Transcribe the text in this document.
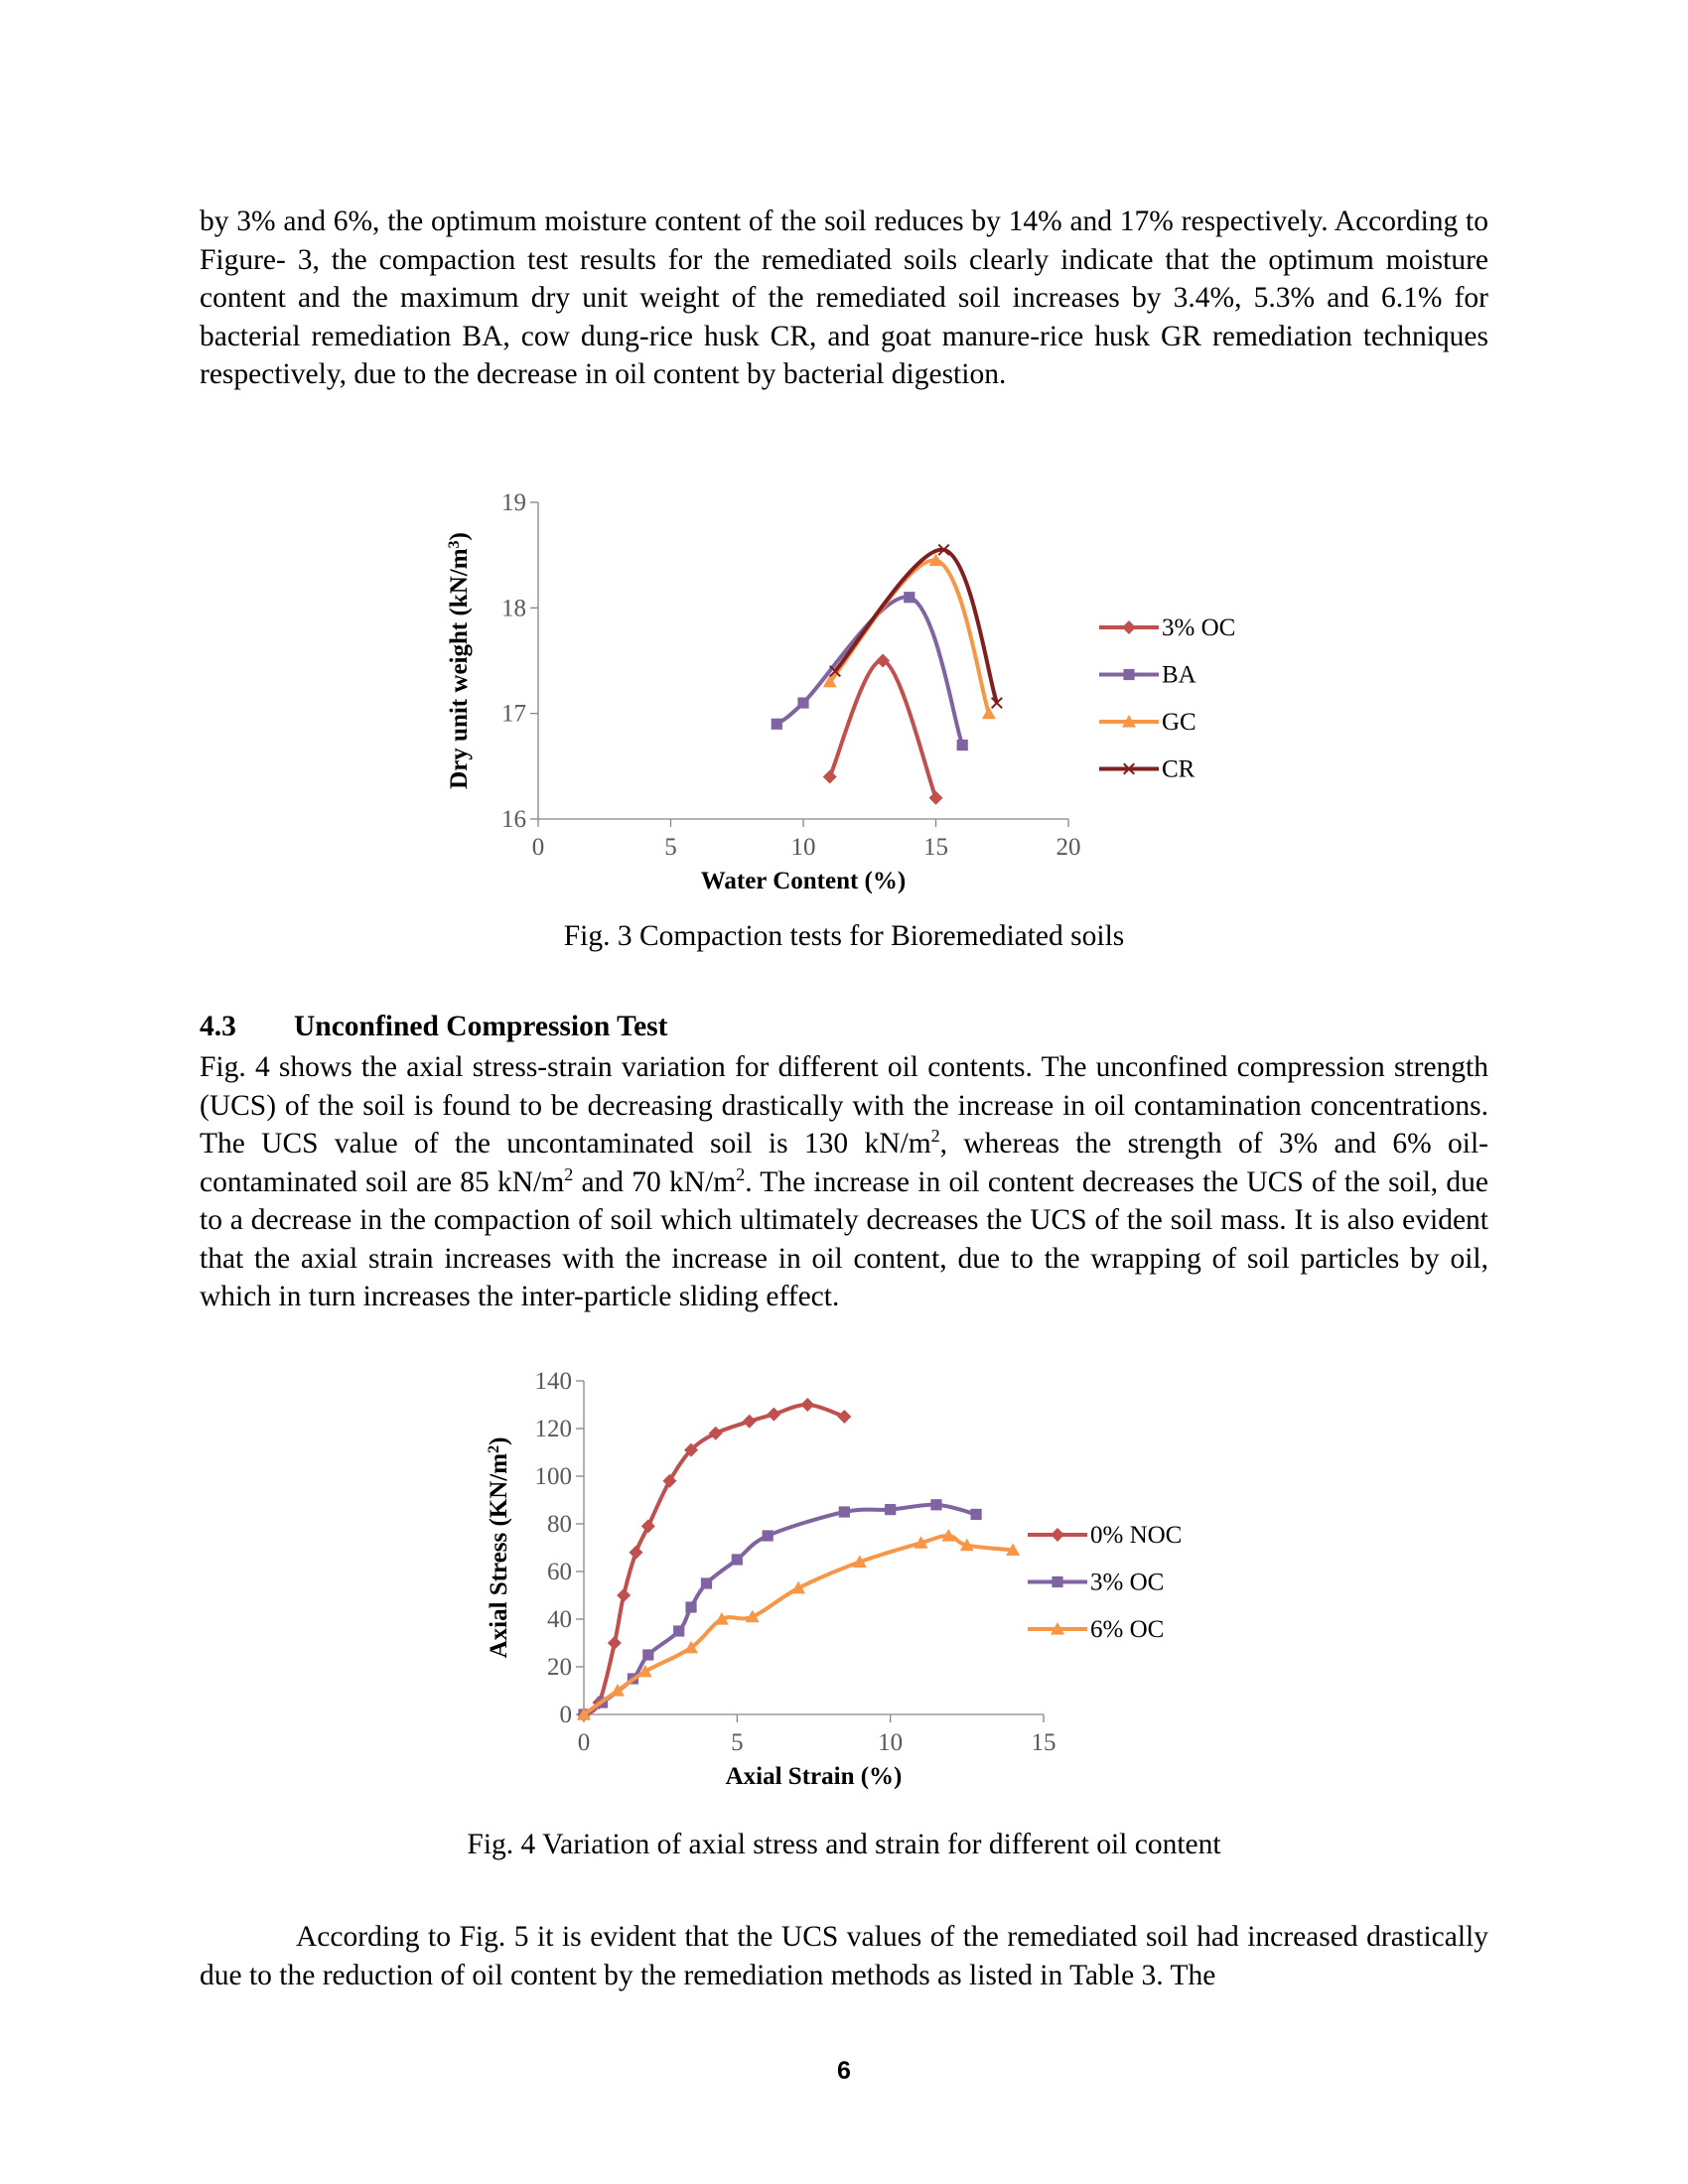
by 3% and 6%, the optimum moisture content of the soil reduces by 14% and 17% respectively. According to Figure- 3, the compaction test results for the remediated soils clearly indicate that the optimum moisture content and the maximum dry unit weight of the remediated soil increases by 3.4%, 5.3% and 6.1% for bacterial remediation BA, cow dung-rice husk CR, and goat manure-rice husk GR remediation techniques respectively, due to the decrease in oil content by bacterial digestion.

16
17
18
19
0	5	10	15	20
Water Content (%)
Dry unit weight $(kN/m^3)$
3% OC
BA
GC
CR

Fig. 3 Compaction tests for Bioremediated soils

4.3 Unconfined Compression Test

Fig. 4 shows the axial stress-strain variation for different oil contents. The unconfined compression strength (UCS) of the soil is found to be decreasing drastically with the increase in oil contamination concentrations. The UCS value of the uncontaminated soil is 130 $kN/m^2$, whereas the strength of 3% and 6% oil-contaminated soil are 85 $kN/m^2$ and 70 $kN/m^2$. The increase in oil content decreases the UCS of the soil, due to a decrease in the compaction of soil which ultimately decreases the UCS of the soil mass. It is also evident that the axial strain increases with the increase in oil content, due to the wrapping of soil particles by oil, which in turn increases the inter-particle sliding effect.

0
20
40
60
80
100
120
140
0	5	10	15
Axial Strain (%)
Axial Stress $(KN/m^2)$
0% NOC
3% OC
6% OC

Fig. 4 Variation of axial stress and strain for different oil content

According to Fig. 5 it is evident that the UCS values of the remediated soil had increased drastically due to the reduction of oil content by the remediation methods as listed in Table 3. The

6
